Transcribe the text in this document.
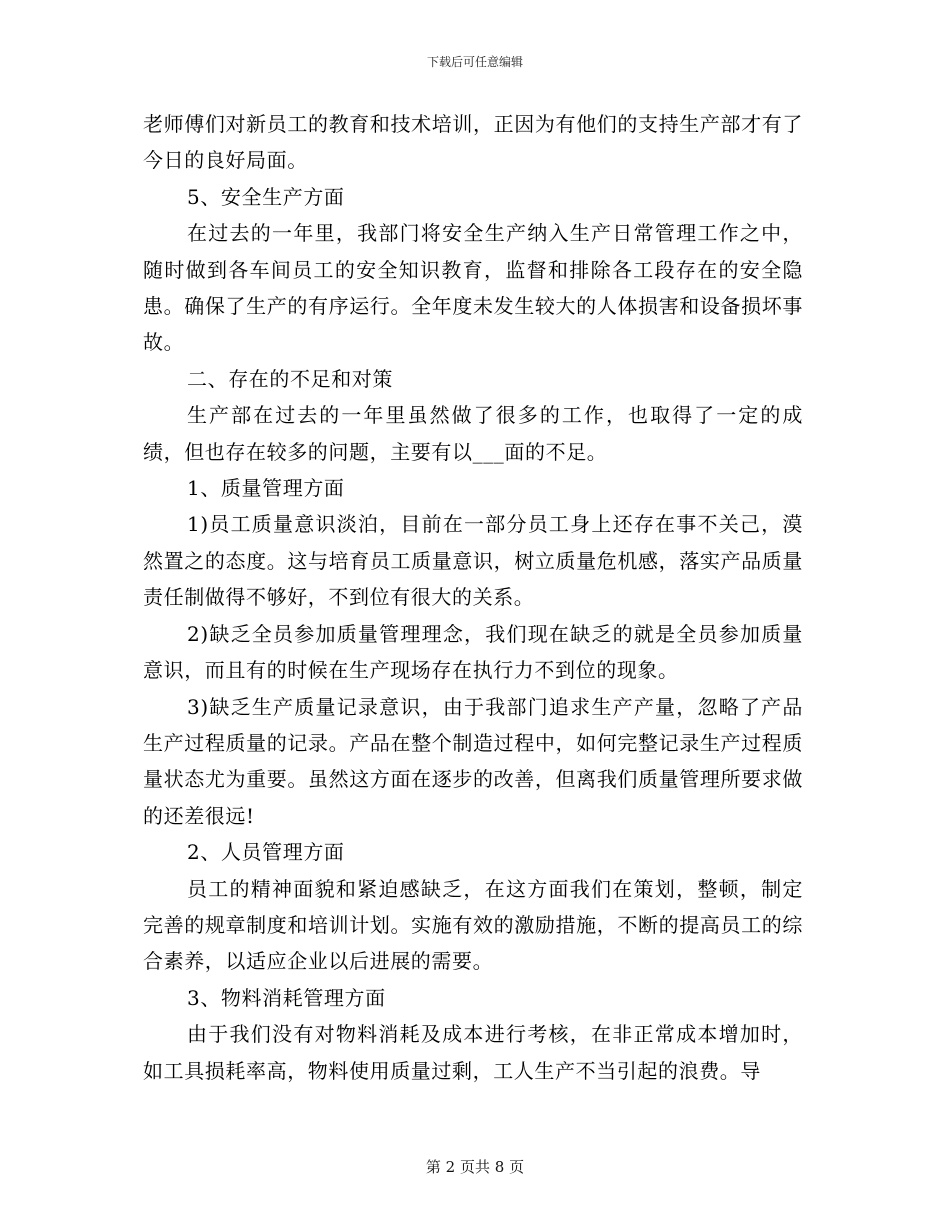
下载后可任意编辑

老师傅们对新员工的教育和技术培训，正因为有他们的支持生产部才有了今日的良好局面。

5、安全生产方面

在过去的一年里，我部门将安全生产纳入生产日常管理工作之中，随时做到各车间员工的安全知识教育，监督和排除各工段存在的安全隐患。确保了生产的有序运行。全年度未发生较大的人体损害和设备损坏事故。

二、存在的不足和对策

生产部在过去的一年里虽然做了很多的工作，也取得了一定的成绩，但也存在较多的问题，主要有以___面的不足。

1、质量管理方面

1)员工质量意识淡泊，目前在一部分员工身上还存在事不关己，漠然置之的态度。这与培育员工质量意识，树立质量危机感，落实产品质量责任制做得不够好，不到位有很大的关系。

2)缺乏全员参加质量管理理念，我们现在缺乏的就是全员参加质量意识，而且有的时候在生产现场存在执行力不到位的现象。

3)缺乏生产质量记录意识，由于我部门追求生产产量，忽略了产品生产过程质量的记录。产品在整个制造过程中，如何完整记录生产过程质量状态尤为重要。虽然这方面在逐步的改善，但离我们质量管理所要求做的还差很远!

2、人员管理方面

员工的精神面貌和紧迫感缺乏，在这方面我们在策划，整顿，制定完善的规章制度和培训计划。实施有效的激励措施，不断的提高员工的综合素养，以适应企业以后进展的需要。

3、物料消耗管理方面

由于我们没有对物料消耗及成本进行考核，在非正常成本增加时，如工具损耗率高，物料使用质量过剩，工人生产不当引起的浪费。导

第 2 页共 8 页
